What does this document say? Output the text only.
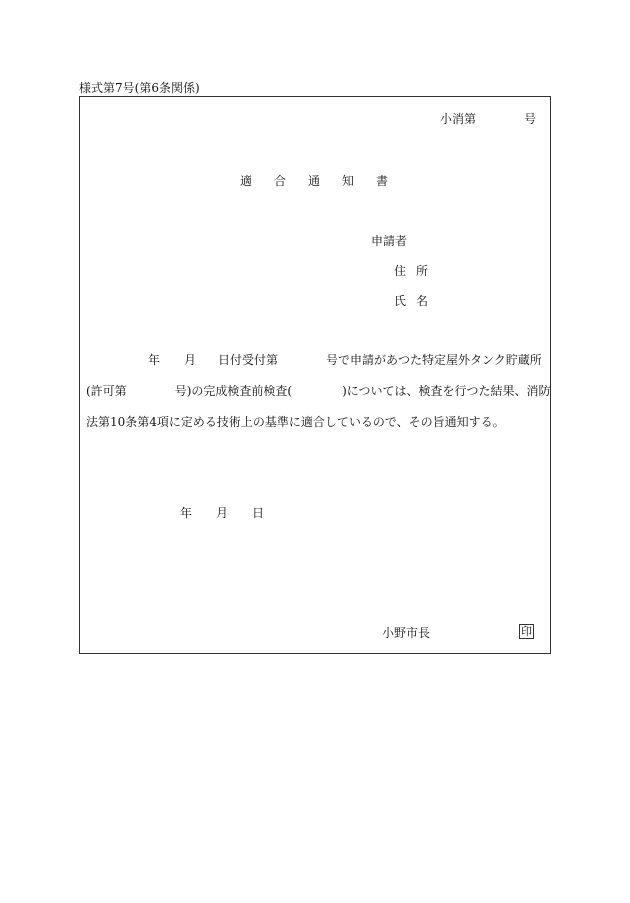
様式第7号(第6条関係)
小消第	号
適 合 通 知 書
申請者
住 所
氏 名
年 月 日付受付第	号で申請があつた特定屋外タンク貯蔵所
(許可第	号)の完成検査前検査(	)については、検査を行つた結果、消防
法第10条第4項に定める技術上の基準に適合しているので、その旨通知する。
年 月 日
小野市長	印
